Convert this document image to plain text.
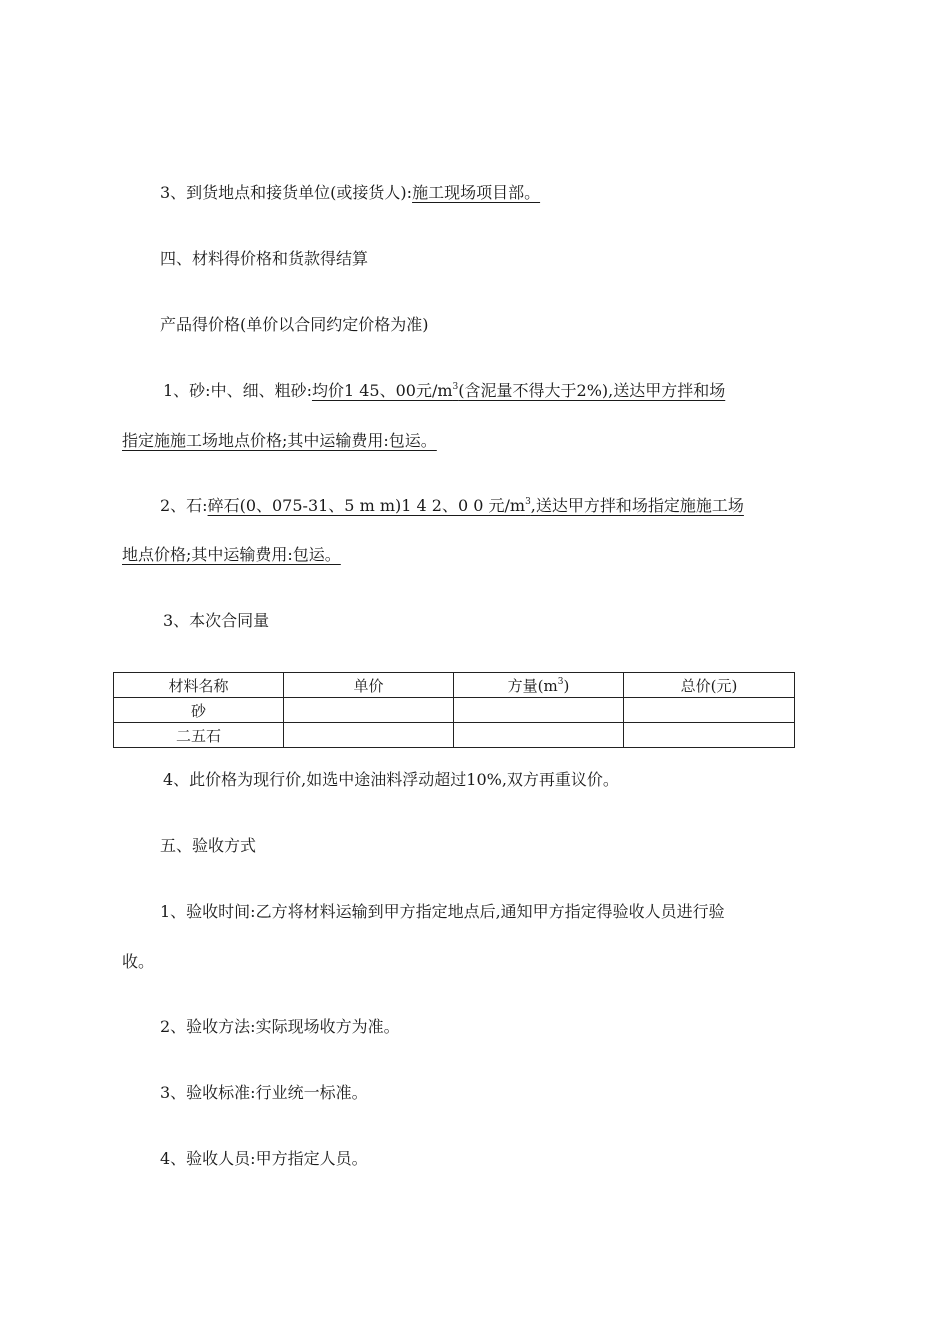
3、到货地点和接货单位(或接货人):施工现场项目部。
四、材料得价格和货款得结算
产品得价格(单价以合同约定价格为准)
1、砂:中、细、粗砂:均价1 45、00元$/m^3$(含泥量不得大于2%),送达甲方拌和场
指定施施工场地点价格;其中运输费用:包运。
2、石:碎石(0、075-31、5 m m)1 4 2、0 0 元$/m^3$,送达甲方拌和场指定施施工场
地点价格;其中运输费用:包运。
3、本次合同量
材料名称	单价	方量$(m^3)$	总价(元)
砂			
二五石			
4、此价格为现行价,如选中途油料浮动超过10%,双方再重议价。
五、验收方式
1、验收时间:乙方将材料运输到甲方指定地点后,通知甲方指定得验收人员进行验
收。
2、验收方法:实际现场收方为准。
3、验收标准:行业统一标准。
4、验收人员:甲方指定人员。
